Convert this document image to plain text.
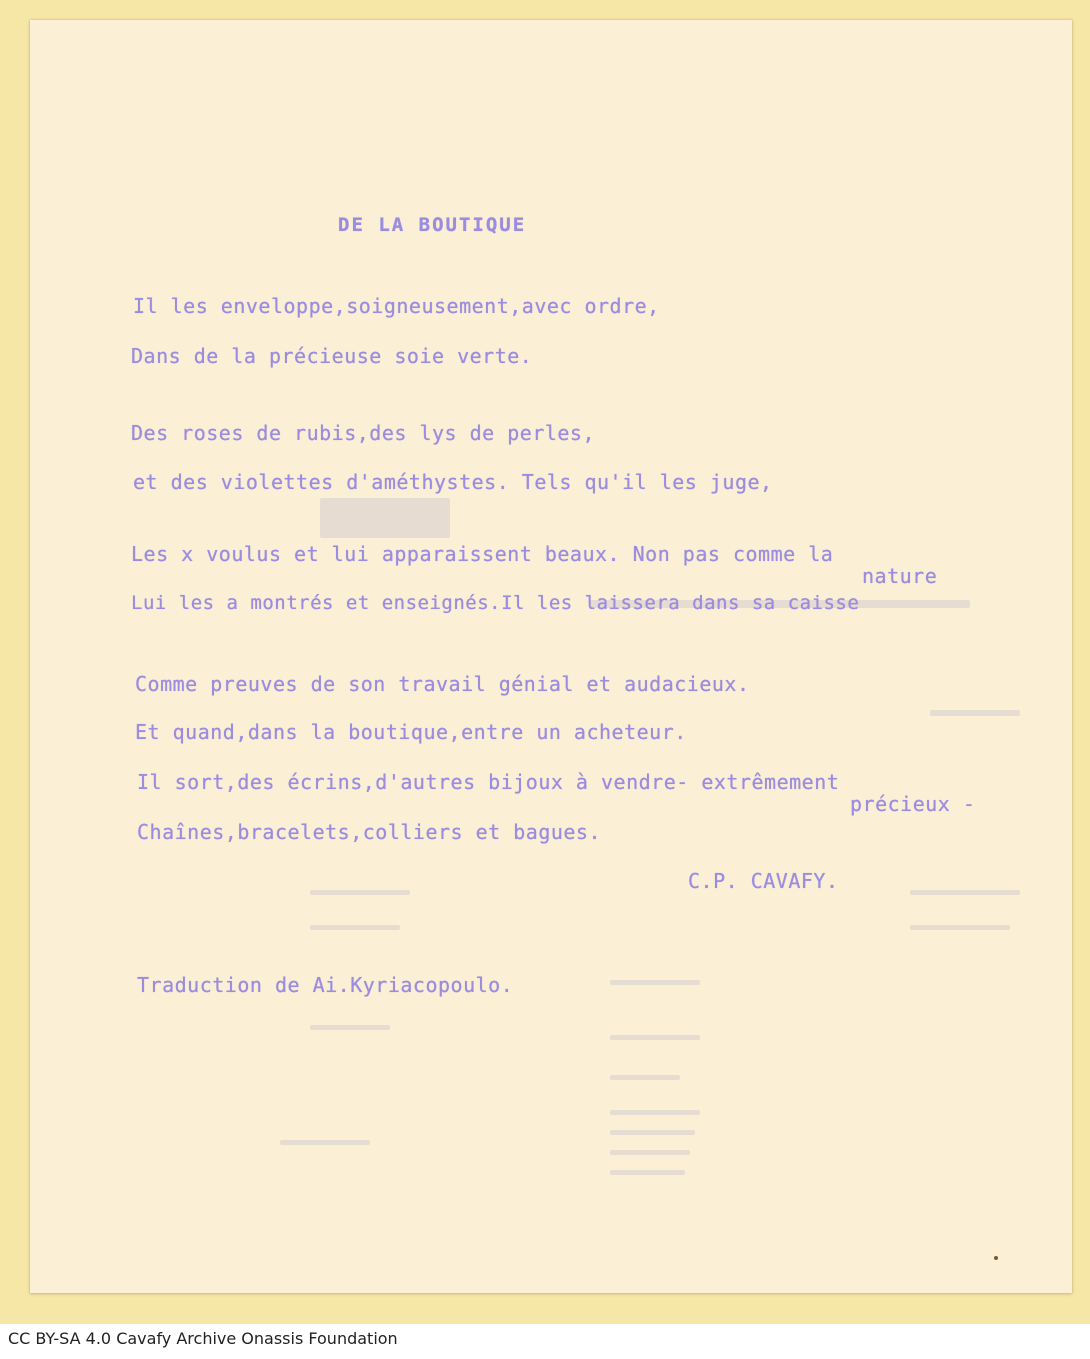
DE LA BOUTIQUE
Il les enveloppe,soigneusement,avec ordre,
Dans de la précieuse soie verte.
Des roses de rubis,des lys de perles,
et des violettes d'améthystes. Tels qu'il les juge,
Les x voulus et lui apparaissent beaux. Non pas comme la
nature
Lui les a montrés et enseignés.Il les laissera dans sa caisse
Comme preuves de son travail génial et audacieux.
Et quand,dans la boutique,entre un acheteur.
Il sort,des écrins,d'autres bijoux à vendre- extrêmement
précieux -
Chaînes,bracelets,colliers et bagues.
C.P. CAVAFY.
Traduction de Ai.Kyriacopoulo.
CC BY-SA 4.0 Cavafy Archive Onassis Foundation
